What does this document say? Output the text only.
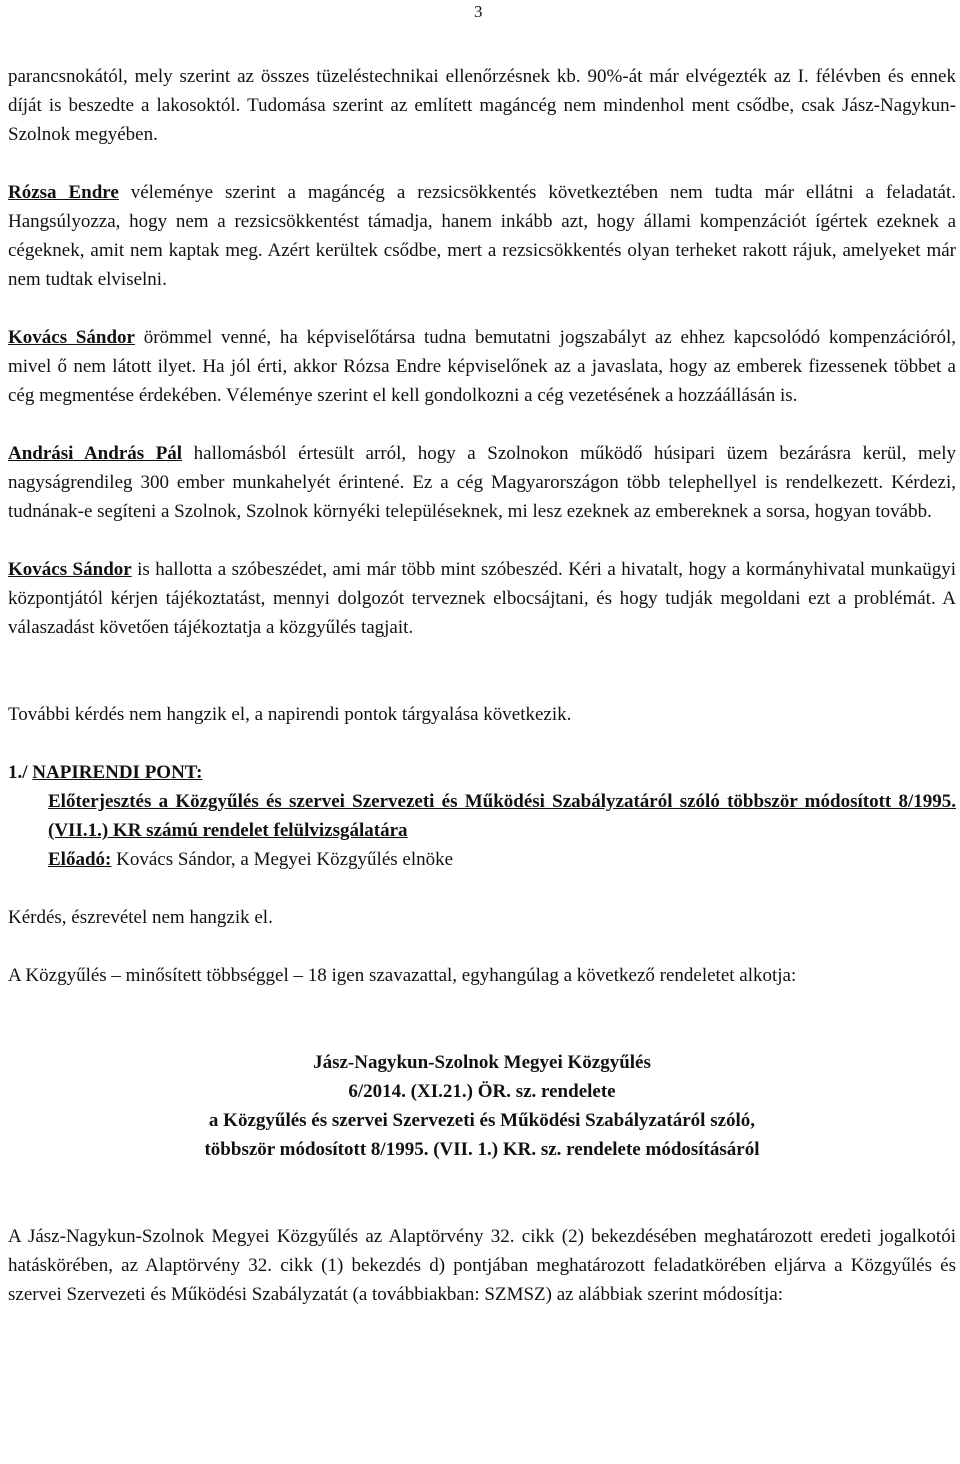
3

parancsnokától, mely szerint az összes tüzeléstechnikai ellenőrzésnek kb. 90%-át már elvégezték az I. félévben és ennek díját is beszedte a lakosoktól. Tudomása szerint az említett magáncég nem mindenhol ment csődbe, csak Jász-Nagykun-Szolnok megyében.

Rózsa Endre véleménye szerint a magáncég a rezsicsökkentés következtében nem tudta már ellátni a feladatát. Hangsúlyozza, hogy nem a rezsicsökkentést támadja, hanem inkább azt, hogy állami kompenzációt ígértek ezeknek a cégeknek, amit nem kaptak meg. Azért kerültek csődbe, mert a rezsicsökkentés olyan terheket rakott rájuk, amelyeket már nem tudtak elviselni.

Kovács Sándor örömmel venné, ha képviselőtársa tudna bemutatni jogszabályt az ehhez kapcsolódó kompenzációról, mivel ő nem látott ilyet. Ha jól érti, akkor Rózsa Endre képviselőnek az a javaslata, hogy az emberek fizessenek többet a cég megmentése érdekében. Véleménye szerint el kell gondolkozni a cég vezetésének a hozzáállásán is.

Andrási András Pál hallomásból értesült arról, hogy a Szolnokon működő húsipari üzem bezárásra kerül, mely nagyságrendileg 300 ember munkahelyét érintené. Ez a cég Magyarországon több telephellyel is rendelkezett. Kérdezi, tudnának-e segíteni a Szolnok, Szolnok környéki településeknek, mi lesz ezeknek az embereknek a sorsa, hogyan tovább.

Kovács Sándor is hallotta a szóbeszédet, ami már több mint szóbeszéd. Kéri a hivatalt, hogy a kormányhivatal munkaügyi központjától kérjen tájékoztatást, mennyi dolgozót terveznek elbocsájtani, és hogy tudják megoldani ezt a problémát. A válaszadást követően tájékoztatja a közgyűlés tagjait.

További kérdés nem hangzik el, a napirendi pontok tárgyalása következik.

1./ NAPIRENDI PONT:

Előterjesztés a Közgyűlés és szervei Szervezeti és Működési Szabályzatáról szóló többször módosított 8/1995. (VII.1.) KR számú rendelet felülvizsgálatára

Előadó: Kovács Sándor, a Megyei Közgyűlés elnöke

Kérdés, észrevétel nem hangzik el.

A Közgyűlés – minősített többséggel – 18 igen szavazattal, egyhangúlag a következő rendeletet alkotja:

Jász-Nagykun-Szolnok Megyei Közgyűlés
6/2014. (XI.21.) ÖR. sz. rendelete
a Közgyűlés és szervei Szervezeti és Működési Szabályzatáról szóló,
többször módosított 8/1995. (VII. 1.) KR. sz. rendelete módosításáról

A Jász-Nagykun-Szolnok Megyei Közgyűlés az Alaptörvény 32. cikk (2) bekezdésében meghatározott eredeti jogalkotói hatáskörében, az Alaptörvény 32. cikk (1) bekezdés d) pontjában meghatározott feladatkörében eljárva a Közgyűlés és szervei Szervezeti és Működési Szabályzatát (a továbbiakban: SZMSZ) az alábbiak szerint módosítja:
